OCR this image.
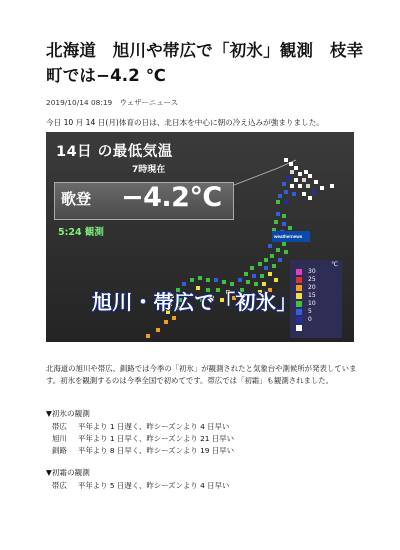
北海道　旭川や帯広で「初氷」観測　枝幸町では−4.2 ℃
2019/10/14 08:19　ウェザーニュース
今日 10 月 14 日(月)体育の日は、北日本を中心に朝の冷え込みが強まりました。
14日 の最低気温
7時現在
歌登 −4.2℃
5:24 観測	weathernews
℃
30
25
20
15
10
5
0
旭川・帯広で「初氷」

北海道の旭川や帯広、釧路では今季の「初氷」が観測されたと気象台や測候所が発表しています。初氷を観測するのは今季全国で初めてです。帯広では「初霜」も観測されました。

▼初氷の観測
帯広 平年より 1 日遅く、昨シーズンより 4 日早い
旭川 平年より 1 日早く、昨シーズンより 21 日早い
釧路 平年より 8 日早く、昨シーズンより 19 日早い
▼初霜の観測
帯広 平年より 5 日遅く、昨シーズンより 4 日早い
